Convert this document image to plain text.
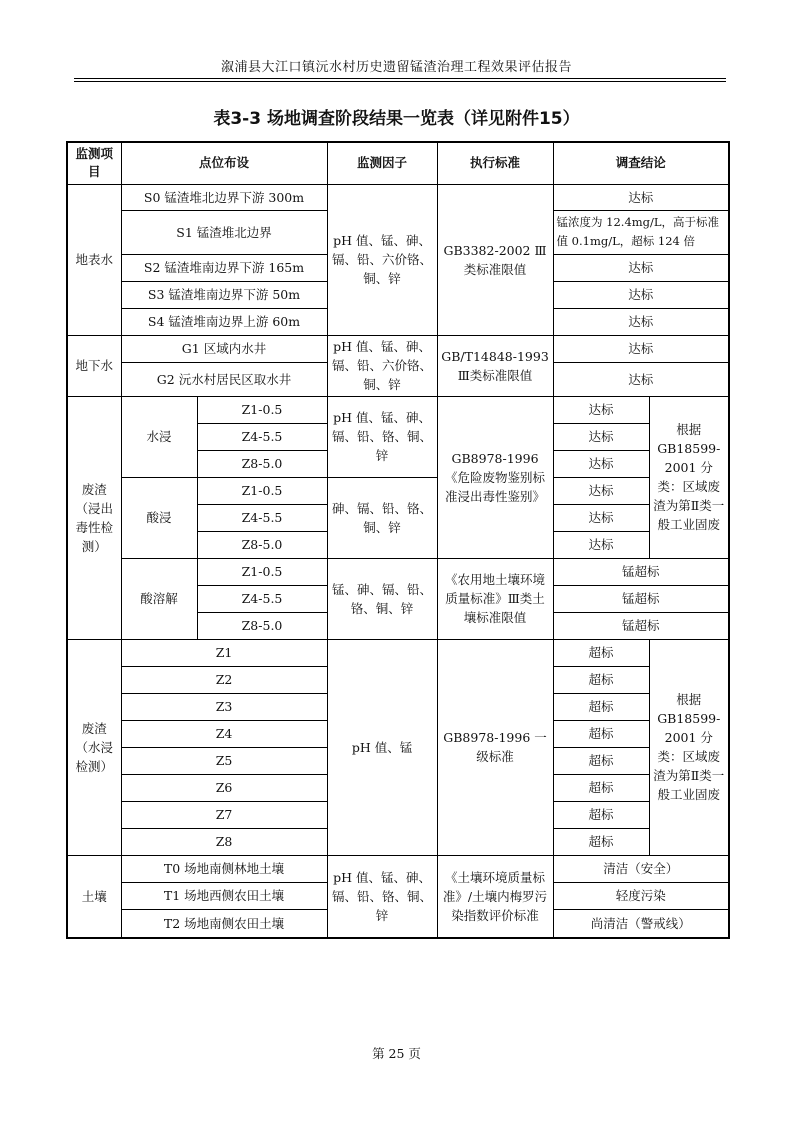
溆浦县大江口镇沅水村历史遗留锰渣治理工程效果评估报告
表3-3 场地调查阶段结果一览表（详见附件15）
监测项目	点位布设		监测因子	执行标准	调查结论	
地表水	S0 锰渣堆北边界下游 300m		pH 值、锰、砷、镉、铅、六价铬、铜、锌	GB3382-2002 Ⅲ类标准限值	达标	
	S1 锰渣堆北边界				锰浓度为 12.4mg/L，高于标准值 0.1mg/L，超标 124 倍	
	S2 锰渣堆南边界下游 165m				达标	
	S3 锰渣堆南边界下游 50m				达标	
	S4 锰渣堆南边界上游 60m				达标	
地下水	G1 区域内水井		pH 值、锰、砷、镉、铅、六价铬、铜、锌	GB/T14848-1993 Ⅲ类标准限值	达标	
	G2 沅水村居民区取水井				达标	
废渣（浸出毒性检测）	水浸	Z1-0.5	pH 值、锰、砷、镉、铅、铬、铜、锌	GB8978-1996《危险废物鉴别标准浸出毒性鉴别》	达标	根据GB18599-2001 分类：区域废渣为第Ⅱ类一般工业固废
		Z4-5.5			达标	
		Z8-5.0			达标	
	酸浸	Z1-0.5	砷、镉、铅、铬、铜、锌		达标	
		Z4-5.5			达标	
		Z8-5.0			达标	
	酸溶解	Z1-0.5	锰、砷、镉、铅、铬、铜、锌	《农用地土壤环境质量标准》Ⅲ类土壤标准限值	锰超标	
		Z4-5.5			锰超标	
		Z8-5.0			锰超标	
废渣（水浸检测）	Z1		pH 值、锰	GB8978-1996 一级标准	超标	根据GB18599-2001 分类：区域废渣为第Ⅱ类一般工业固废
	Z2				超标	
	Z3				超标	
	Z4				超标	
	Z5				超标	
	Z6				超标	
	Z7				超标	
	Z8				超标	
土壤	T0 场地南侧林地土壤		pH 值、锰、砷、镉、铅、铬、铜、锌	《土壤环境质量标准》/土壤内梅罗污染指数评价标准	清洁（安全）	
	T1 场地西侧农田土壤				轻度污染	
	T2 场地南侧农田土壤				尚清洁（警戒线）	
第 25 页
